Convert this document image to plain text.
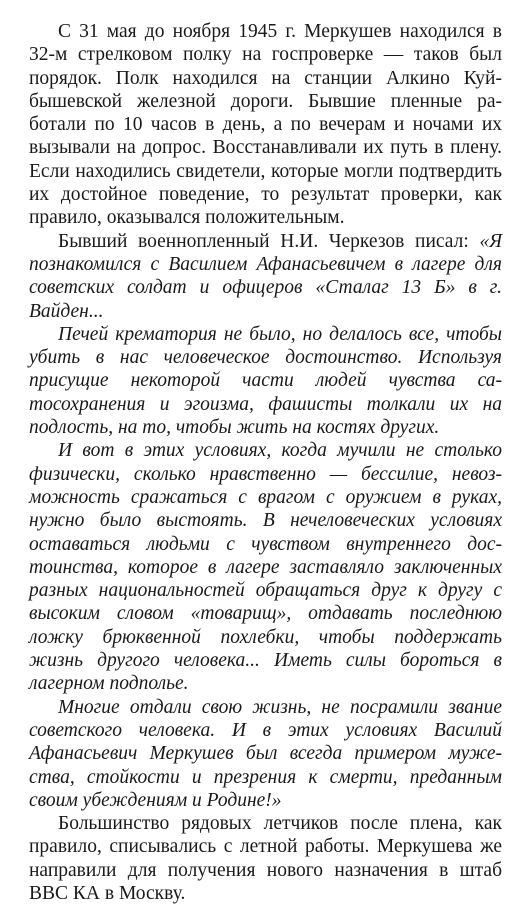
С 31 мая до ноября 1945 г. Меркушев находился в 32-м стрелковом полку на госпроверке — таков был порядок. Полк находился на станции Алкино Куйбышевской железной дороги. Бывшие пленные работали по 10 часов в день, а по вечерам и ночами их вызывали на допрос. Восстанавливали их путь в плену. Если находились свидетели, которые могли подтвердить их достойное поведение, то результат проверки, как правило, оказывался положительным.

Бывший военнопленный Н.И. Черкезов писал: «Я познакомился с Василием Афанасьевичем в лагере для советских солдат и офицеров «Сталаг 13 Б» в г. Вайден...

Печей крематория не было, но делалось все, чтобы убить в нас человеческое достоинство. Используя присущие некоторой части людей чувства саmосохранения и эгоизма, фашисты толкали их на подлость, на то, чтобы жить на костях других.

И вот в этих условиях, когда мучили не столько физически, сколько нравственно — бессилие, невозможность сражаться с врагом с оружием в руках, нужно было выстоять. В нечеловеческих условиях оставаться людьми с чувством внутреннего достоинства, которое в лагере заставляло заключенных разных национальностей обращаться друг к другу с высоким словом «товарищ», отдавать последнюю ложку брюквенной похлебки, чтобы поддержать жизнь другого человека... Иметь силы бороться в лагерном подполье.

Многие отдали свою жизнь, не посрамили звание советского человека. И в этих условиях Василий Афанасьевич Меркушев был всегда примером мужества, стойкости и презрения к смерти, преданным своим убеждениям и Родине!»

Большинство рядовых летчиков после плена, как правило, списывались с летной работы. Меркушева же направили для получения нового назначения в штаб ВВС КА в Москву.
